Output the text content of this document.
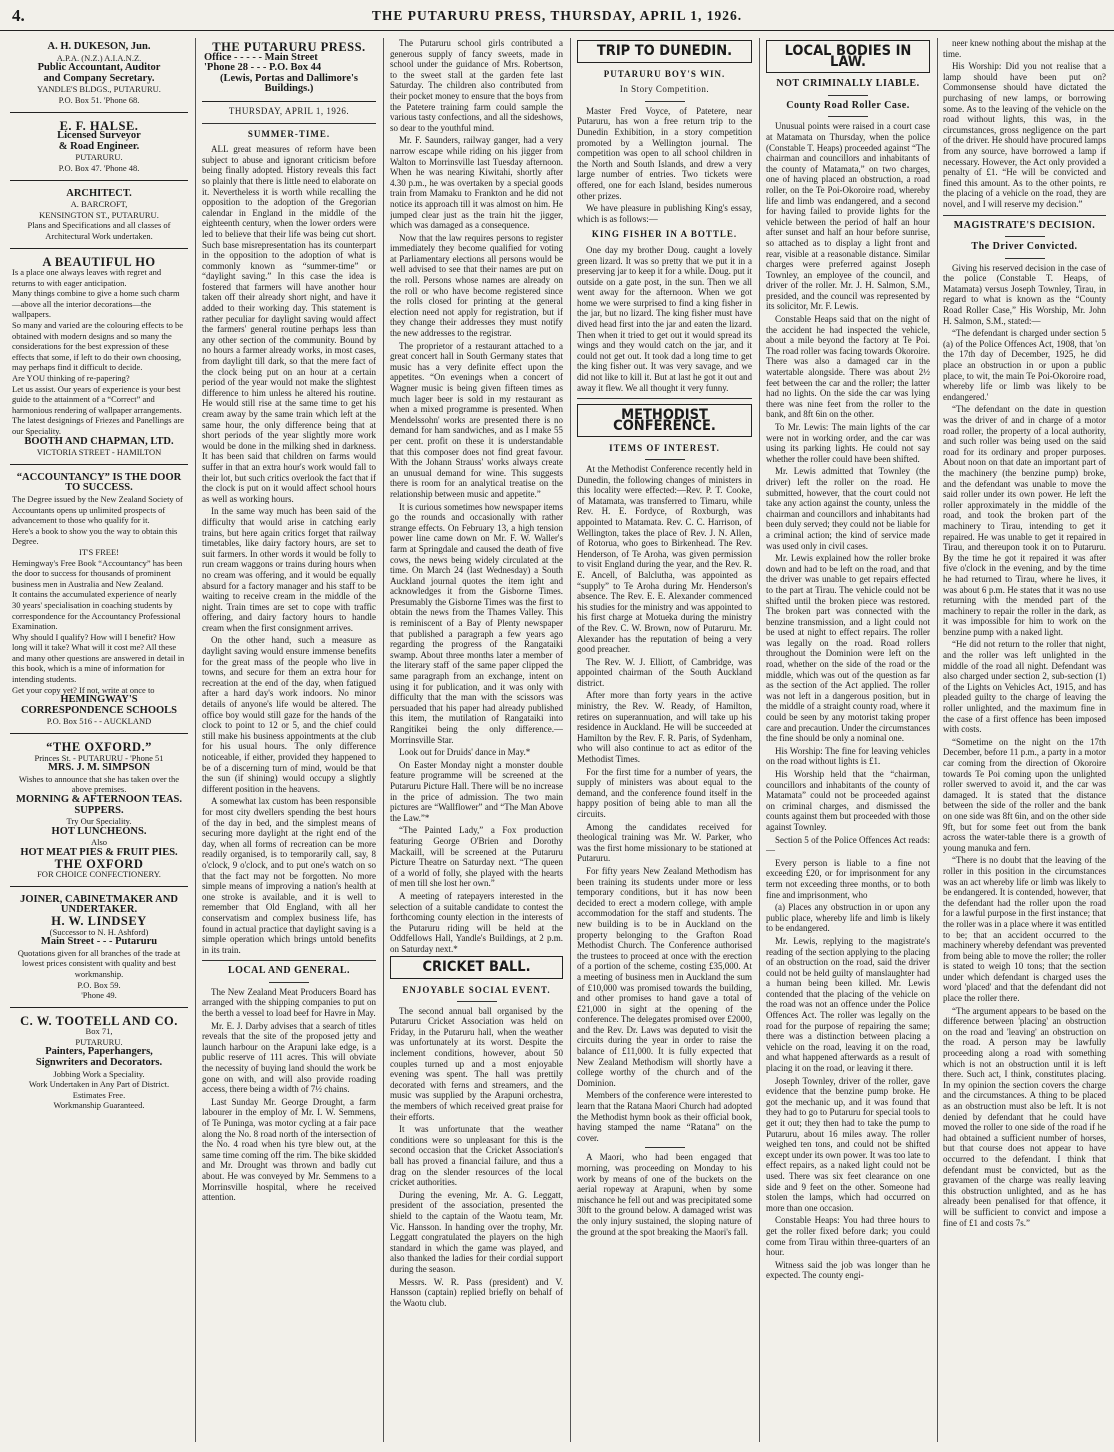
4.	THE PUTARURU PRESS, THURSDAY, APRIL 1, 1926.
A. H. DUKESON, Jun.
A.P.A. (N.Z.) A.I.A.N.Z.
Public Accountant, Auditor
and Company Secretary.
YANDLE'S BLDGS., PUTARURU.
P.O. Box 51. 'Phone 68.
E. F. HALSE.
Licensed Surveyor
& Road Engineer.
PUTARURU.
P.O. Box 47. 'Phone 48.
ARCHITECT.
A. BARCROFT,
KENSINGTON ST., PUTARURU.
Plans and Specifications and all classes of Architectural Work undertaken.
A BEAUTIFUL HO
Is a place one always leaves with regret and returns to with eager anticipation.
Many things combine to give a home such charm—above all the interior decorations—the wallpapers.
So many and varied are the colouring effects to be obtained with modern designs and so many the considerations for the best expression of these effects that some, if left to do their own choosing, may perhaps find it difficult to decide.
Are YOU thinking of re-papering?
Let us assist. Our years of experience is your best guide to the attainment of a “Correct” and harmonious rendering of wallpaper arrangements.
The latest designings of Friezes and Panellings are our Speciality.
BOOTH AND CHAPMAN, LTD.
VICTORIA STREET - HAMILTON
“ACCOUNTANCY” IS THE DOOR TO SUCCESS.
The Degree issued by the New Zealand Society of Accountants opens up unlimited prospects of advancement to those who qualify for it.
Here's a book to show you the way to obtain this Degree.
IT'S FREE!
Hemingway's Free Book “Accountancy” has been the door to success for thousands of prominent business men in Australia and New Zealand.
It contains the accumulated experience of nearly 30 years' specialisation in coaching students by correspondence for the Accountancy Professional Examination.
Why should I qualify? How will I benefit? How long will it take? What will it cost me? All these and many other questions are answered in detail in this book, which is a mine of information for intending students.
Get your copy yet? If not, write at once to
HEMINGWAY'S CORRESPONDENCE SCHOOLS
P.O. Box 516 - - AUCKLAND
“THE OXFORD.”
Princes St. - PUTARURU - 'Phone 51
MRS. J. M. SIMPSON
Wishes to announce that she has taken over the above premises.
MORNING & AFTERNOON TEAS. SUPPERS.
Try Our Speciality.
HOT LUNCHEONS.
Also
HOT MEAT PIES & FRUIT PIES.
THE OXFORD
FOR CHOICE CONFECTIONERY.
JOINER, CABINETMAKER AND UNDERTAKER.
H. W. LINDSEY
(Successor to N. H. Ashford)
Main Street - - - Putaruru
Quotations given for all branches of the trade at lowest prices consistent with quality and best workmanship.
P.O. Box 59.
'Phone 49.
C. W. TOOTELL AND CO.
Box 71,
PUTARURU.
Painters, Paperhangers,
Signwriters and Decorators.
Jobbing Work a Speciality.
Work Undertaken in Any Part of District.
Estimates Free.
Workmanship Guaranteed.
THE PUTARURU PRESS.
Office - - - - - Main Street
'Phone 28 - - - P.O. Box 44
(Lewis, Portas and Dallimore's Buildings.)
THURSDAY, APRIL 1, 1926.
SUMMER-TIME.

ALL great measures of reform have been subject to abuse and ignorant criticism before being finally adopted. History reveals this fact so plainly that there is little need to elaborate on it. Nevertheless it is worth while recalling the opposition to the adoption of the Gregorian calendar in England in the middle of the eighteenth century, when the lower orders were led to believe that their life was being cut short. Such base misrepresentation has its counterpart in the opposition to the adoption of what is commonly known as “summer-time” or “daylight saving.” In this case the idea is fostered that farmers will have another hour taken off their already short night, and have it added to their working day. This statement is rather peculiar for daylight saving would affect the farmers' general routine perhaps less than any other section of the community. Bound by no hours a farmer already works, in most cases, from daylight till dark, so that the mere fact of the clock being put on an hour at a certain period of the year would not make the slightest difference to him unless he altered his routine. He would still rise at the same time to get his cream away by the same train which left at the same hour, the only difference being that at short periods of the year slightly more work would be done in the milking shed in darkness. It has been said that children on farms would suffer in that an extra hour's work would fall to their lot, but such critics overlook the fact that if the clock is put on it would affect school hours as well as working hours.

In the same way much has been said of the difficulty that would arise in catching early trains, but here again critics forget that railway timetables, like dairy factory hours, are set to suit farmers. In other words it would be folly to run cream waggons or trains during hours when no cream was offering, and it would be equally absurd for a factory manager and his staff to be waiting to receive cream in the middle of the night. Train times are set to cope with traffic offering, and dairy factory hours to handle cream when the first consignment arrives.

On the other hand, such a measure as daylight saving would ensure immense benefits for the great mass of the people who live in towns, and secure for them an extra hour for recreation at the end of the day, when fatigued after a hard day's work indoors. No minor details of anyone's life would be altered. The office boy would still gaze for the hands of the clock to point to 12 or 5, and the chief could still make his business appointments at the club for his usual hours. The only difference noticeable, if either, provided they happened to be of a discerning turn of mind, would be that the sun (if shining) would occupy a slightly different position in the heavens.

A somewhat lax custom has been responsible for most city dwellers spending the best hours of the day in bed, and the simplest means of securing more daylight at the right end of the day, when all forms of recreation can be more readily organised, is to temporarily call, say, 8 o'clock, 9 o'clock, and to put one's watch on so that the fact may not be forgotten. No more simple means of improving a nation's health at one stroke is available, and it is well to remember that Old England, with all her conservatism and complex business life, has found in actual practice that daylight saving is a simple operation which brings untold benefits in its train.

LOCAL AND GENERAL.

The New Zealand Meat Producers Board has arranged with the shipping companies to put on the berth a vessel to load beef for Havre in May.

Mr. E. J. Darby advises that a search of titles reveals that the site of the proposed jetty and launch harbour on the Arapuni lake edge, is a public reserve of 111 acres. This will obviate the necessity of buying land should the work be gone on with, and will also provide roading access, there being a width of 7½ chains.

Last Sunday Mr. George Drought, a farm labourer in the employ of Mr. I. W. Semmens, of Te Puninga, was motor cycling at a fair pace along the No. 8 road north of the intersection of the No. 4 road when his tyre blew out, at the same time coming off the rim. The bike skidded and Mr. Drought was thrown and badly cut about. He was conveyed by Mr. Semmens to a Morrinsville hospital, where he received attention.

The Putaruru school girls contributed a generous supply of fancy sweets, made in school under the guidance of Mrs. Robertson, to the sweet stall at the garden fete last Saturday. The children also contributed from their pocket money to ensure that the boys from the Patetere training farm could sample the various tasty confections, and all the sideshows, so dear to the youthful mind.

Mr. F. Saunders, railway ganger, had a very narrow escape while riding on his jigger from Walton to Morrinsville last Tuesday afternoon. When he was nearing Kiwitahi, shortly after 4.30 p.m., he was overtaken by a special goods train from Mamaku to Frankton and he did not notice its approach till it was almost on him. He jumped clear just as the train hit the jigger, which was damaged as a consequence.

Now that the law requires persons to register immediately they become qualified for voting at Parliamentary elections all persons would be well advised to see that their names are put on the roll. Persons whose names are already on the roll or who have become registered since the rolls closed for printing at the general election need not apply for registration, but if they change their addresses they must notify the new addresses to the registrar.

The proprietor of a restaurant attached to a great concert hall in South Germany states that music has a very definite effect upon the appetites. “On evenings when a concert of Wagner music is being given fifteen times as much lager beer is sold in my restaurant as when a mixed programme is presented. When Mendelssohn' works are presented there is no demand for ham sandwiches, and as I make 55 per cent. profit on these it is understandable that this composer does not find great favour. With the Johann Strauss' works always create an unusual demand for wine. This suggests there is room for an analytical treatise on the relationship between music and appetite.”

It is curious sometimes how newspaper items go the rounds and occasionally with rather strange effects. On February 13, a high tension power line came down on Mr. F. W. Waller's farm at Springdale and caused the death of five cows, the news being widely circulated at the time. On March 24 (last Wednesday) a South Auckland journal quotes the item ight and acknowledges it from the Gisborne Times. Presumably the Gisborne Times was the first to obtain the news from the Thames Valley. This is reminiscent of a Bay of Plenty newspaper that published a paragraph a few years ago regarding the progress of the Rangataiki swamp. About three months later a member of the literary staff of the same paper clipped the same paragraph from an exchange, intent on using it for publication, and it was only with difficulty that the man with the scissors was persuaded that his paper had already published this item, the mutilation of Rangataiki into Rangitikei being the only difference.—Morrinsville Star.

Look out for Druids' dance in May.*

On Easter Monday night a monster double feature programme will be screened at the Putaruru Picture Hall. There will be no increase in the price of admission. The two main pictures are “Wallflower” and “The Man Above the Law.”*

“The Painted Lady,” a Fox production featuring George O'Brien and Dorothy Mackaill, will be screened at the Putaruru Picture Theatre on Saturday next. “The queen of a world of folly, she played with the hearts of men till she lost her own.”

A meeting of ratepayers interested in the selection of a suitable candidate to contest the forthcoming county election in the interests of the Putaruru riding will be held at the Oddfellows Hall, Yandle's Buildings, at 2 p.m. on Saturday next.*

CRICKET BALL.
ENJOYABLE SOCIAL EVENT.

The second annual ball organised by the Putaruru Cricket Association was held on Friday, in the Putaruru hall, when the weather was unfortunately at its worst. Despite the inclement conditions, however, about 50 couples turned up and a most enjoyable evening was spent. The hall was prettily decorated with ferns and streamers, and the music was supplied by the Arapuni orchestra, the members of which received great praise for their efforts.

It was unfortunate that the weather conditions were so unpleasant for this is the second occasion that the Cricket Association's ball has proved a financial failure, and thus a drag on the slender resources of the local cricket authorities.

During the evening, Mr. A. G. Leggatt, president of the association, presented the shield to the captain of the Waotu team, Mr. Vic. Hansson. In handing over the trophy, Mr. Leggatt congratulated the players on the high standard in which the game was played, and also thanked the ladies for their cordial support during the season.

Messrs. W. R. Pass (president) and V. Hansson (captain) replied briefly on behalf of the Waotu club.

TRIP TO DUNEDIN.
PUTARURU BOY'S WIN.
In Story Competition.

Master Fred Voyce, of Patetere, near Putaruru, has won a free return trip to the Dunedin Exhibition, in a story competition promoted by a Wellington journal. The competition was open to all school children in the North and South Islands, and drew a very large number of entries. Two tickets were offered, one for each Island, besides numerous other prizes.

We have pleasure in publishing King's essay, which is as follows:—

KING FISHER IN A BOTTLE.

One day my brother Doug. caught a lovely green lizard. It was so pretty that we put it in a preserving jar to keep it for a while. Doug. put it outside on a gate post, in the sun. Then we all went away for the afternoon. When we got home we were surprised to find a king fisher in the jar, but no lizard. The king fisher must have dived head first into the jar and eaten the lizard. Then when it tried to get out it would spread its wings and they would catch on the jar, and it could not get out. It took dad a long time to get the king fisher out. It was very savage, and we did not like to kill it. But at last he got it out and away it flew. We all thought it very funny.

METHODIST CONFERENCE.
ITEMS OF INTEREST.

At the Methodist Conference recently held in Dunedin, the following changes of ministers in this locality were effected:—Rev. P. T. Cooke, of Matamata, was transferred to Timaru, while Rev. H. E. Fordyce, of Roxburgh, was appointed to Matamata. Rev. C. C. Harrison, of Wellington, takes the place of Rev. J. N. Allen, of Rotorua, who goes to Birkenhead. The Rev. Henderson, of Te Aroha, was given permission to visit England during the year, and the Rev. R. E. Ancell, of Balclutha, was appointed as “supply” to Te Aroha during Mr. Henderson's absence. The Rev. E. E. Alexander commenced his studies for the ministry and was appointed to his first charge at Motueka during the ministry of the Rev. C. W. Brown, now of Putaruru. Mr. Alexander has the reputation of being a very good preacher.

The Rev. W. J. Elliott, of Cambridge, was appointed chairman of the South Auckland district.

After more than forty years in the active ministry, the Rev. W. Ready, of Hamilton, retires on superannuation, and will take up his residence in Auckland. He will be succeeded at Hamilton by the Rev. F. R. Paris, of Sydenham, who will also continue to act as editor of the Methodist Times.

For the first time for a number of years, the supply of ministers was about equal to the demand, and the conference found itself in the happy position of being able to man all the circuits.

Among the candidates received for theological training was Mr. W. Parker, who was the first home missionary to be stationed at Putaruru.

For fifty years New Zealand Methodism has been training its students under more or less temporary conditions, but it has now been decided to erect a modern college, with ample accommodation for the staff and students. The new building is to be in Auckland on the property belonging to the Grafton Road Methodist Church. The Conference authorised the trustees to proceed at once with the erection of a portion of the scheme, costing £35,000. At a meeting of business men in Auckland the sum of £10,000 was promised towards the building, and other promises to hand gave a total of £21,000 in sight at the opening of the conference. The delegates promised over £2000, and the Rev. Dr. Laws was deputed to visit the circuits during the year in order to raise the balance of £11,000. It is fully expected that New Zealand Methodism will shortly have a college worthy of the church and of the Dominion.

Members of the conference were interested to learn that the Ratana Maori Church had adopted the Methodist hymn book as their official book, having stamped the name “Ratana” on the cover.

A Maori, who had been engaged that morning, was proceeding on Monday to his work by means of one of the buckets on the aerial ropeway at Arapuni, when by some mischance he fell out and was precipitated some 30ft to the ground below. A damaged wrist was the only injury sustained, the sloping nature of the ground at the spot breaking the Maori's fall.

LOCAL BODIES IN LAW.
NOT CRIMINALLY LIABLE.
County Road Roller Case.

Unusual points were raised in a court case at Matamata on Thursday, when the police (Constable T. Heaps) proceeded against “The chairman and councillors and inhabitants of the county of Matamata,” on two charges, one of having placed an obstruction, a road roller, on the Te Poi-Okoroire road, whereby life and limb was endangered, and a second for having failed to provide lights for the vehicle between the period of half an hour after sunset and half an hour before sunrise, so attached as to display a light front and rear, visible at a reasonable distance. Similar charges were preferred against Joseph Townley, an employee of the council, and driver of the roller. Mr. J. H. Salmon, S.M., presided, and the council was represented by its solicitor, Mr. F. Lewis.

Constable Heaps said that on the night of the accident he had inspected the vehicle, about a mile beyond the factory at Te Poi. The road roller was facing towards Okoroire. There was also a damaged car in the watertable alongside. There was about 2½ feet between the car and the roller; the latter had no lights. On the side the car was lying there was nine feet from the roller to the bank, and 8ft 6in on the other.

To Mr. Lewis: The main lights of the car were not in working order, and the car was using its parking lights. He could not say whether the roller could have been shifted.

Mr. Lewis admitted that Townley (the driver) left the roller on the road. He submitted, however, that the court could not take any action against the county, unless the chairman and councillors and inhabitants had been duly served; they could not be liable for a criminal action; the kind of service made was used only in civil cases.

Mr. Lewis explained how the roller broke down and had to be left on the road, and that the driver was unable to get repairs effected to the part at Tirau. The vehicle could not be shifted until the broken piece was restored. The broken part was connected with the benzine transmission, and a light could not be used at night to effect repairs. The roller was legally on the road. Road rollers throughout the Dominion were left on the road, whether on the side of the road or the middle, which was out of the question as far as the section of the Act applied. The roller was not left in a dangerous position, but in the middle of a straight county road, where it could be seen by any motorist taking proper care and precaution. Under the circumstances the fine should be only a nominal one.

His Worship: The fine for leaving vehicles on the road without lights is £1.

His Worship held that the “chairman, councillors and inhabitants of the county of Matamata” could not be proceeded against on criminal charges, and dismissed the counts against them but proceeded with those against Townley.

Section 5 of the Police Offences Act reads:—

Every person is liable to a fine not exceeding £20, or for imprisonment for any term not exceeding three months, or to both fine and imprisonment, who

(a) Places any obstruction in or upon any public place, whereby life and limb is likely to be endangered.

Mr. Lewis, replying to the magistrate's reading of the section applying to the placing of an obstruction on the road, said the driver could not be held guilty of manslaughter had a human being been killed. Mr. Lewis contended that the placing of the vehicle on the road was not an offence under the Police Offences Act. The roller was legally on the road for the purpose of repairing the same; there was a distinction between placing a vehicle on the road, leaving it on the road, and what happened afterwards as a result of placing it on the road, or leaving it there.

Joseph Townley, driver of the roller, gave evidence that the benzine pump broke. He got the mechanic up, and it was found that they had to go to Putaruru for special tools to get it out; they then had to take the pump to Putaruru, about 16 miles away. The roller weighed ten tons, and could not be shifted except under its own power. It was too late to effect repairs, as a naked light could not be used. There was six feet clearance on one side and 9 feet on the other. Someone had stolen the lamps, which had occurred on more than one occasion.

Constable Heaps: You had three hours to get the roller fixed before dark; you could come from Tirau within three-quarters of an hour.

Witness said the job was longer than he expected. The county engi-

neer knew nothing about the mishap at the time.

His Worship: Did you not realise that a lamp should have been put on? Commonsense should have dictated the purchasing of new lamps, or borrowing some. As to the leaving of the vehicle on the road without lights, this was, in the circumstances, gross negligence on the part of the driver. He should have procured lamps from any source, have borrowed a lamp if necessary. However, the Act only provided a penalty of £1. “He will be convicted and fined this amount. As to the other points, re the placing of a vehicle on the road, they are novel, and I will reserve my decision.”

MAGISTRATE'S DECISION.
The Driver Convicted.

Giving his reserved decision in the case of the police (Constable T. Heaps, of Matamata) versus Joseph Townley, Tirau, in regard to what is known as the “County Road Roller Case,” His Worship, Mr. John H. Salmon, S.M., stated:—

“The defendant is charged under section 5 (a) of the Police Offences Act, 1908, that 'on the 17th day of December, 1925, he did place an obstruction in or upon a public place, to wit, the main Te Poi-Okoroire road, whereby life or limb was likely to be endangered.'

“The defendant on the date in question was the driver of and in charge of a motor road roller, the property of a local authority, and such roller was being used on the said road for its ordinary and proper purposes. About noon on that date an important part of the machinery (the benzine pump) broke, and the defendant was unable to move the said roller under its own power. He left the roller approximately in the middle of the road, and took the broken part of the machinery to Tirau, intending to get it repaired. He was unable to get it repaired in Tirau, and thereupon took it on to Putaruru. By the time he got it repaired it was after five o'clock in the evening, and by the time he had returned to Tirau, where he lives, it was about 6 p.m. He states that it was no use returning with the mended part of the machinery to repair the roller in the dark, as it was impossible for him to work on the benzine pump with a naked light.

“He did not return to the roller that night, and the roller was left unlighted in the middle of the road all night. Defendant was also charged under section 2, sub-section (1) of the Lights on Vehicles Act, 1915, and has pleaded guilty to the charge of leaving the roller unlighted, and the maximum fine in the case of a first offence has been imposed with costs.

“Sometime on the night on the 17th December, before 11 p.m., a party in a motor car coming from the direction of Okoroire towards Te Poi coming upon the unlighted roller swerved to avoid it, and the car was damaged. It is stated that the distance between the side of the roller and the bank on one side was 8ft 6in, and on the other side 9ft, but for some feet out from the bank across the water-table there is a growth of young manuka and fern.

“There is no doubt that the leaving of the roller in this position in the circumstances was an act whereby life or limb was likely to be endangered. It is contended, however, that the defendant had the roller upon the road for a lawful purpose in the first instance; that the roller was in a place where it was entitled to be; that an accident occurred to the machinery whereby defendant was prevented from being able to move the roller; the roller is stated to weigh 10 tons; that the section under which defendant is charged uses the word 'placed' and that the defendant did not place the roller there.

“The argument appears to be based on the difference between 'placing' an obstruction on the road and 'leaving' an obstruction on the road. A person may be lawfully proceeding along a road with something which is not an obstruction until it is left there. Such act, I think, constitutes placing. In my opinion the section covers the charge and the circumstances. A thing to be placed as an obstruction must also be left. It is not denied by defendant that he could have moved the roller to one side of the road if he had obtained a sufficient number of horses, but that course does not appear to have occurred to the defendant. I think that defendant must be convicted, but as the gravamen of the charge was really leaving this obstruction unlighted, and as he has already been penalised for that offence, it will be sufficient to convict and impose a fine of £1 and costs 7s.”
